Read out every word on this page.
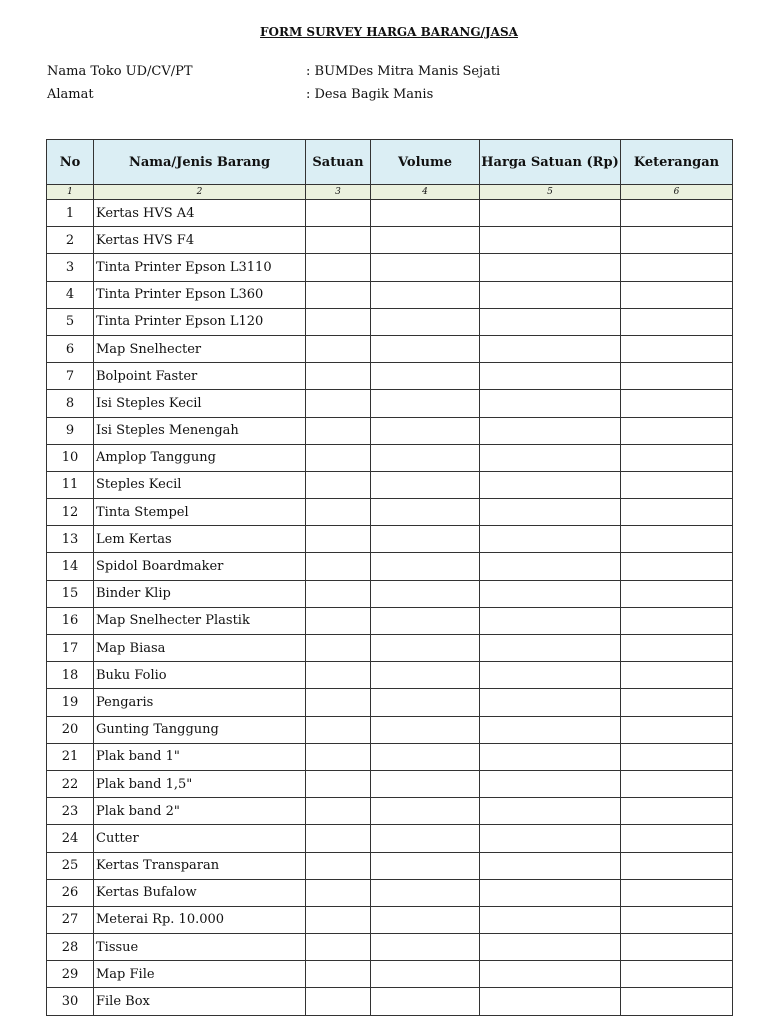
FORM SURVEY HARGA BARANG/JASA
Nama Toko UD/CV/PT	: BUMDes Mitra Manis Sejati
Alamat	: Desa Bagik Manis
No	Nama/Jenis Barang	Satuan	Volume	Harga Satuan (Rp)	Keterangan
1	2	3	4	5	6
1	Kertas HVS A4				
2	Kertas HVS F4				
3	Tinta Printer Epson L3110				
4	Tinta Printer Epson L360				
5	Tinta Printer Epson L120				
6	Map Snelhecter				
7	Bolpoint Faster				
8	Isi Steples Kecil				
9	Isi Steples Menengah				
10	Amplop Tanggung				
11	Steples Kecil				
12	Tinta Stempel				
13	Lem Kertas				
14	Spidol Boardmaker				
15	Binder Klip				
16	Map Snelhecter Plastik				
17	Map Biasa				
18	Buku Folio				
19	Pengaris				
20	Gunting Tanggung				
21	Plak band 1"				
22	Plak band 1,5"				
23	Plak band 2"				
24	Cutter				
25	Kertas Transparan				
26	Kertas Bufalow				
27	Meterai Rp. 10.000				
28	Tissue				
29	Map File				
30	File Box				
